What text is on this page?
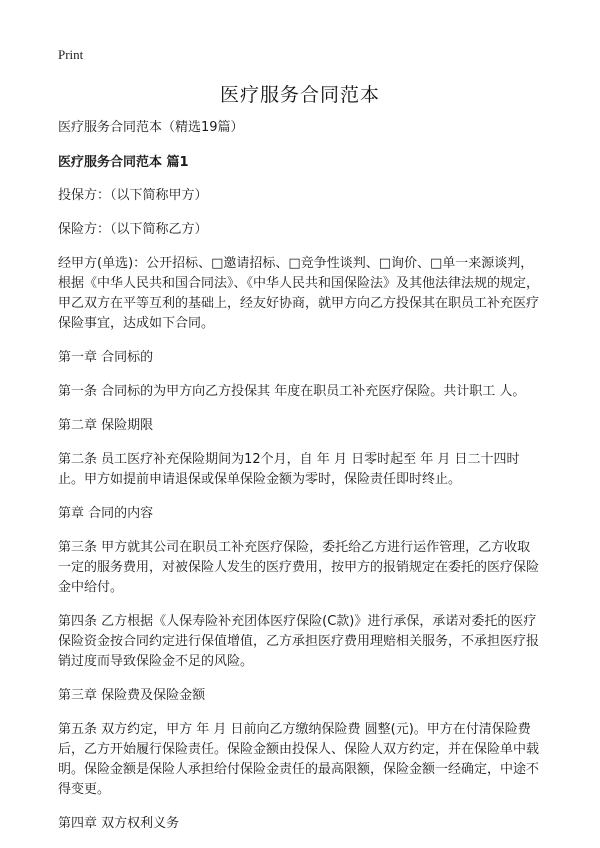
Print
医疗服务合同范本

医疗服务合同范本（精选19篇）

医疗服务合同范本 篇1

投保方：（以下简称甲方）

保险方：（以下简称乙方）

经甲方(单选)：公开招标、□邀请招标、□竞争性谈判、□询价、□单一来源谈判，根据《中华人民共和国合同法》、《中华人民共和国保险法》及其他法律法规的规定，甲乙双方在平等互利的基础上，经友好协商，就甲方向乙方投保其在职员工补充医疗保险事宜，达成如下合同。

第一章 合同标的

第一条 合同标的为甲方向乙方投保其 年度在职员工补充医疗保险。共计职工 人。

第二章 保险期限

第二条 员工医疗补充保险期间为12个月，自 年 月 日零时起至 年 月 日二十四时止。甲方如提前申请退保或保单保险金额为零时，保险责任即时终止。

第章 合同的内容

第三条 甲方就其公司在职员工补充医疗保险，委托给乙方进行运作管理，乙方收取一定的服务费用，对被保险人发生的医疗费用，按甲方的报销规定在委托的医疗保险金中给付。

第四条 乙方根据《人保寿险补充团体医疗保险(C款)》进行承保，承诺对委托的医疗保险资金按合同约定进行保值增值，乙方承担医疗费用理赔相关服务，不承担医疗报销过度而导致保险金不足的风险。

第三章 保险费及保险金额

第五条 双方约定，甲方 年 月 日前向乙方缴纳保险费 圆整(元)。甲方在付清保险费后，乙方开始履行保险责任。保险金额由投保人、保险人双方约定，并在保险单中载明。保险金额是保险人承担给付保险金责任的最高限额，保险金额一经确定，中途不得变更。

第四章 双方权利义务
